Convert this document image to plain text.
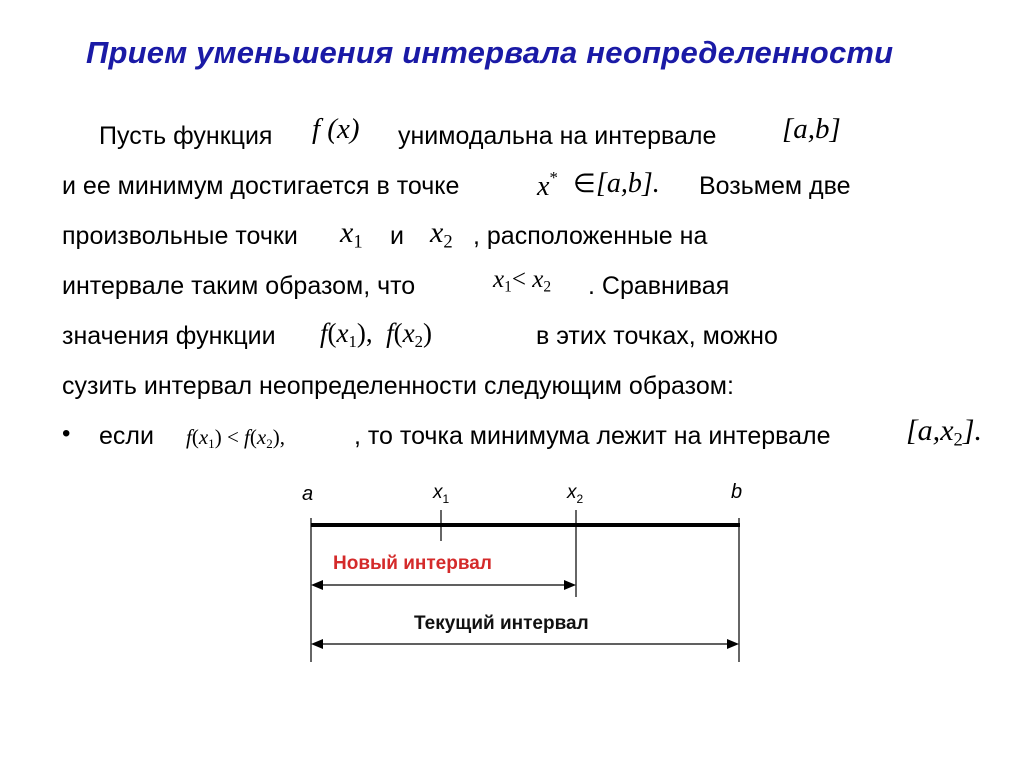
Прием уменьшения интервала неопределенности
Пусть функция f (x) унимодальна на интервале [a,b]
и ее минимум достигается в точке	x* ∈ [a,b]. Возьмем две
произвольные точки $x_1$ и $x_2$ , расположенные на
интервале таким образом, что	$x_1< x_2$ . Сравнивая
значения функции $f(x_1)$, $f(x_2)$	в этих точках, можно
сузить интервал неопределенности следующим образом:
• если $f(x_1) < f(x_2)$,	, то точка минимума лежит на интервале	$[a,x_2]$.
a	$x_1$	$x_2$	b
Новый интервал
Текущий интервал
